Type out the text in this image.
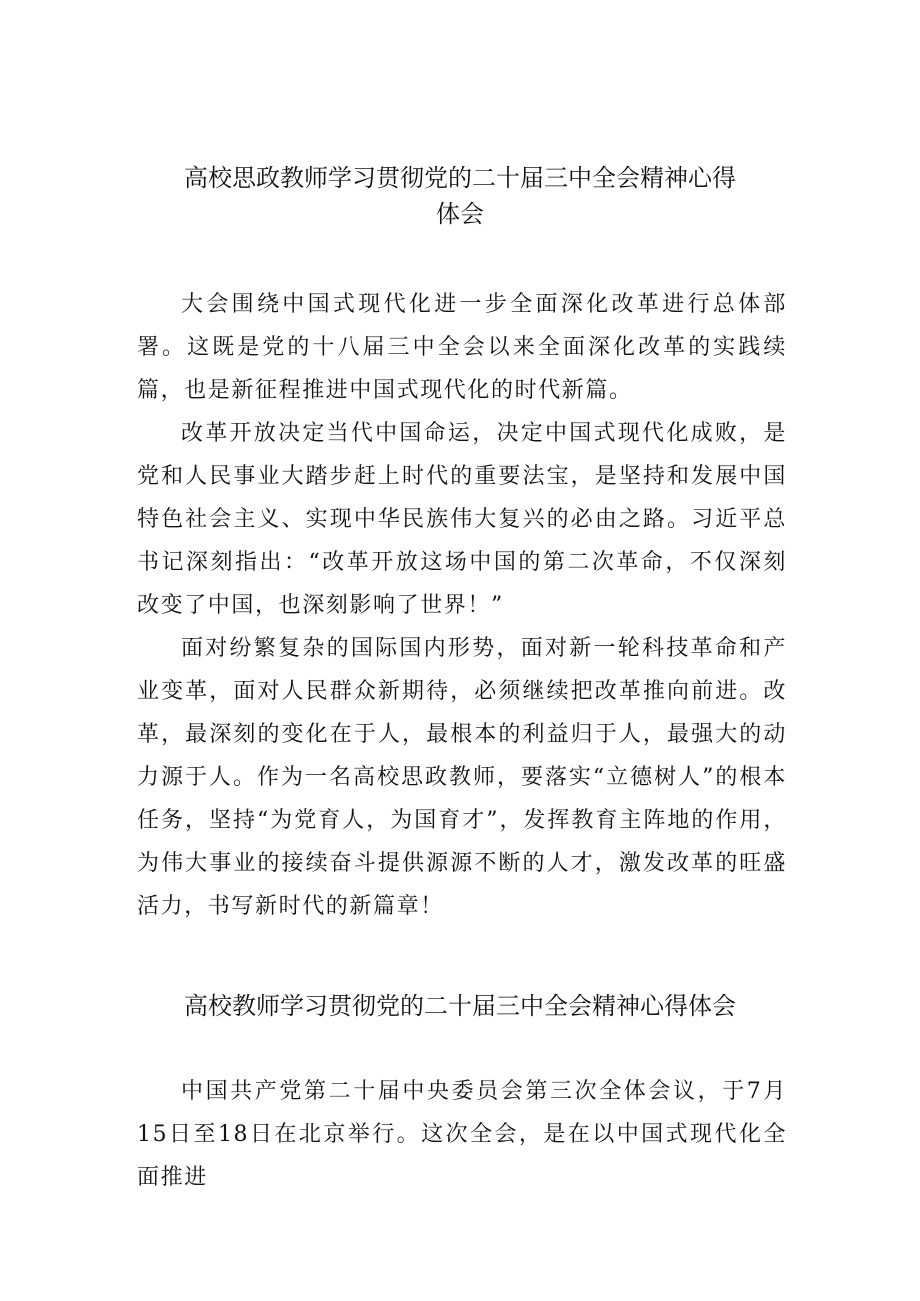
高校思政教师学习贯彻党的二十届三中全会精神心得
体会

大会围绕中国式现代化进一步全面深化改革进行总体部署。这既是党的十八届三中全会以来全面深化改革的实践续篇，也是新征程推进中国式现代化的时代新篇。

改革开放决定当代中国命运，决定中国式现代化成败，是党和人民事业大踏步赶上时代的重要法宝，是坚持和发展中国特色社会主义、实现中华民族伟大复兴的必由之路。习近平总书记深刻指出：“改革开放这场中国的第二次革命，不仅深刻改变了中国，也深刻影响了世界！”

面对纷繁复杂的国际国内形势，面对新一轮科技革命和产业变革，面对人民群众新期待，必须继续把改革推向前进。改革，最深刻的变化在于人，最根本的利益归于人，最强大的动力源于人。作为一名高校思政教师，要落实“立德树人”的根本任务，坚持“为党育人，为国育才”，发挥教育主阵地的作用，为伟大事业的接续奋斗提供源源不断的人才，激发改革的旺盛活力，书写新时代的新篇章！

高校教师学习贯彻党的二十届三中全会精神心得体会

中国共产党第二十届中央委员会第三次全体会议，于7月15日至18日在北京举行。这次全会，是在以中国式现代化全面推进
